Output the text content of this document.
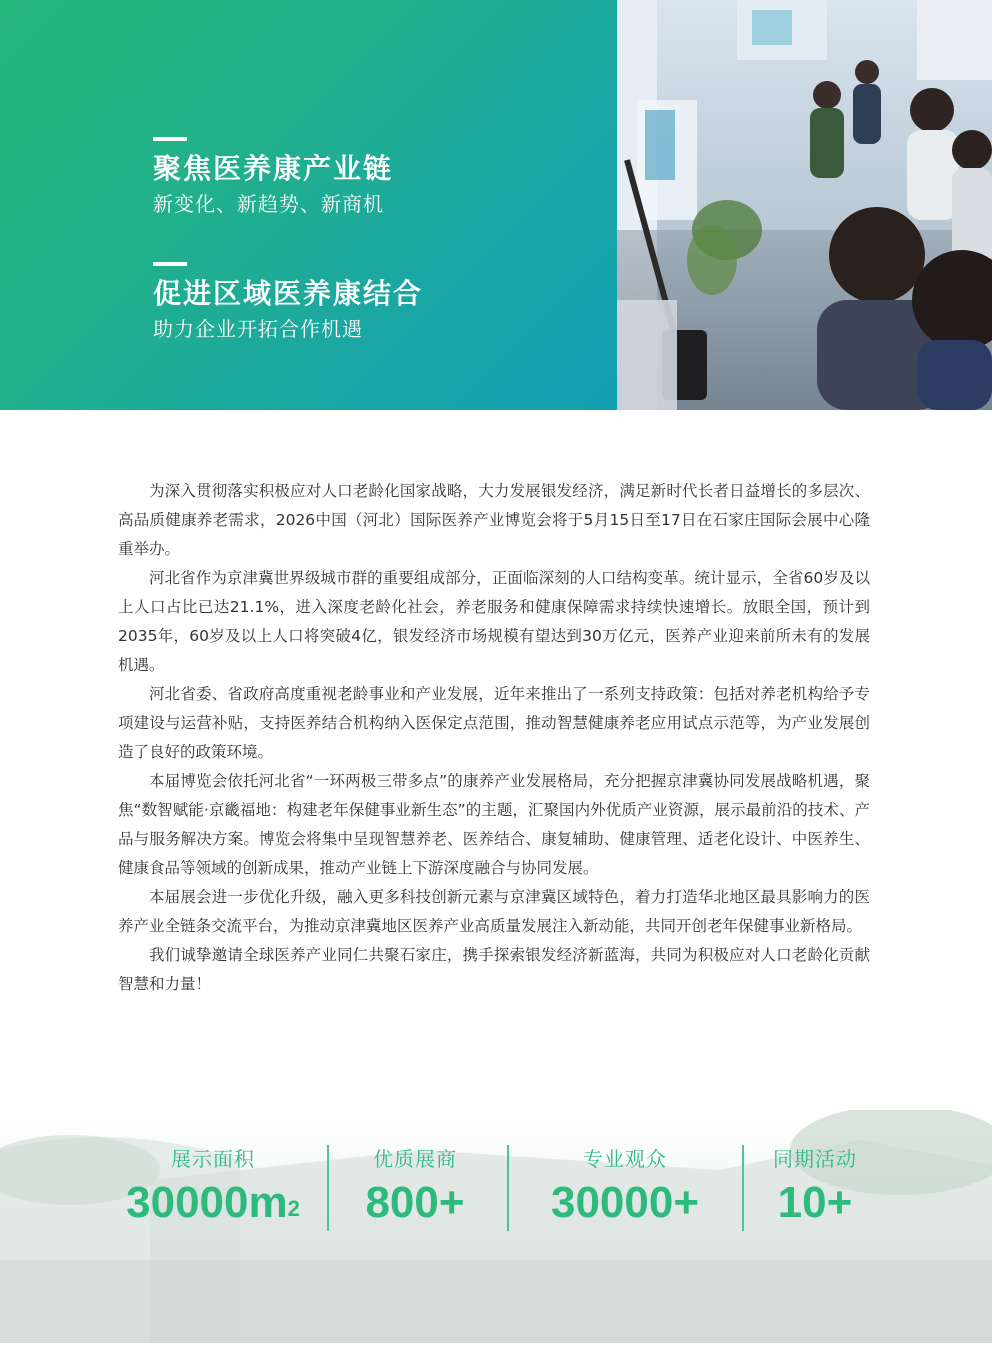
聚焦医养康产业链
新变化、新趋势、新商机
促进区域医养康结合
助力企业开拓合作机遇

为深入贯彻落实积极应对人口老龄化国家战略，大力发展银发经济，满足新时代长者日益增长的多层次、高品质健康养老需求，2026中国（河北）国际医养产业博览会将于5月15日至17日在石家庄国际会展中心隆重举办。

河北省作为京津冀世界级城市群的重要组成部分，正面临深刻的人口结构变革。统计显示，全省60岁及以上人口占比已达21.1%，进入深度老龄化社会，养老服务和健康保障需求持续快速增长。放眼全国，预计到2035年，60岁及以上人口将突破4亿，银发经济市场规模有望达到30万亿元，医养产业迎来前所未有的发展机遇。

河北省委、省政府高度重视老龄事业和产业发展，近年来推出了一系列支持政策：包括对养老机构给予专项建设与运营补贴，支持医养结合机构纳入医保定点范围，推动智慧健康养老应用试点示范等，为产业发展创造了良好的政策环境。

本届博览会依托河北省“一环两极三带多点”的康养产业发展格局，充分把握京津冀协同发展战略机遇，聚焦“数智赋能·京畿福地：构建老年保健事业新生态”的主题，汇聚国内外优质产业资源，展示最前沿的技术、产品与服务解决方案。博览会将集中呈现智慧养老、医养结合、康复辅助、健康管理、适老化设计、中医养生、健康食品等领域的创新成果，推动产业链上下游深度融合与协同发展。

本届展会进一步优化升级，融入更多科技创新元素与京津冀区域特色，着力打造华北地区最具影响力的医养产业全链条交流平台，为推动京津冀地区医养产业高质量发展注入新动能，共同开创老年保健事业新格局。

我们诚挚邀请全球医养产业同仁共聚石家庄，携手探索银发经济新蓝海，共同为积极应对人口老龄化贡献智慧和力量！

展示面积
$30000m^2$
优质展商
800+
专业观众
30000+
同期活动
10+
